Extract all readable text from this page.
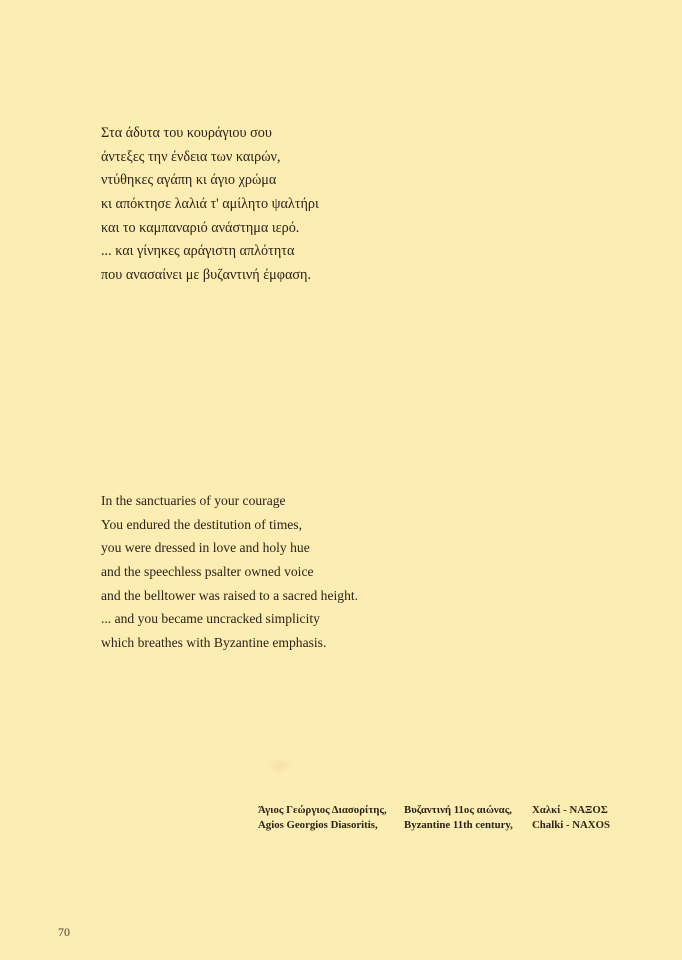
Στα άδυτα του κουράγιου σου
άντεξες την ένδεια των καιρών,
ντύθηκες αγάπη κι άγιο χρώμα
κι απόκτησε λαλιά τ' αμίλητο ψαλτήρι
και το καμπαναριό ανάστημα ιερό.
... και γίνηκες αράγιστη απλότητα
που ανασαίνει με βυζαντινή έμφαση.
In the sanctuaries of your courage
You endured the destitution of times,
you were dressed in love and holy hue
and the speechless psalter owned voice
and the belltower was raised to a sacred height.
... and you became uncracked simplicity
which breathes with Byzantine emphasis.
Άγιος Γεώργιος Διασορίτης, Βυζαντινή 11ος αιώνας, Χαλκί - ΝΑΞΟΣ
Agios Georgios Diasoritis, Byzantine 11th century, Chalki - NAXOS
70
